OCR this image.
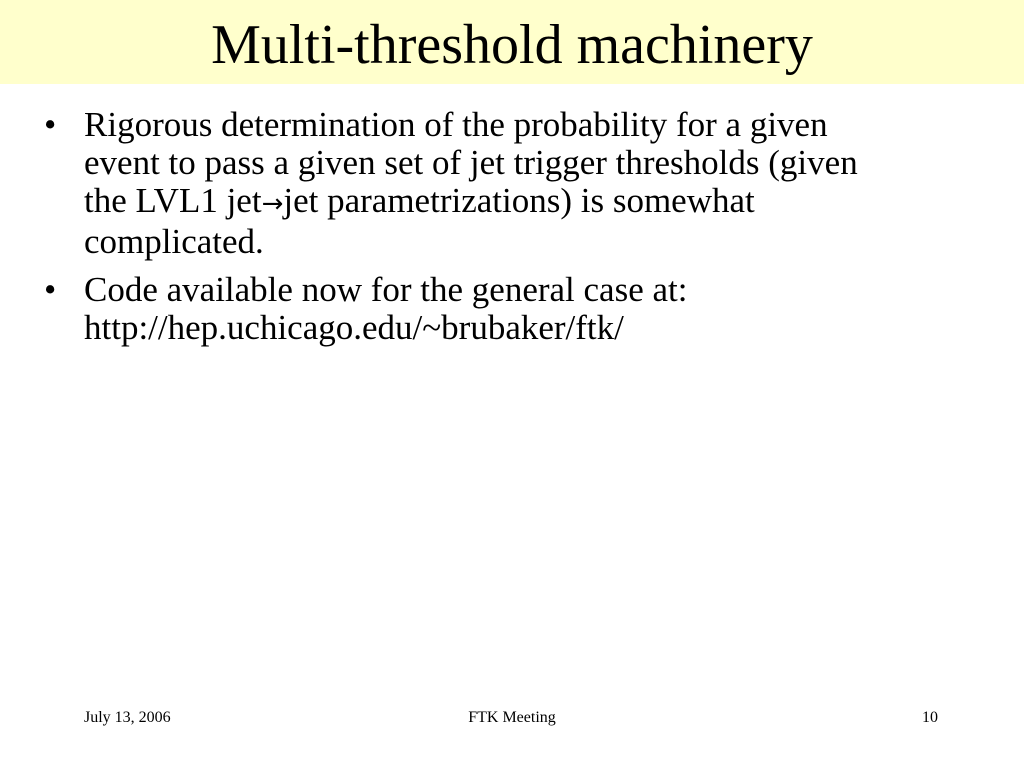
Multi-threshold machinery
• Rigorous determination of the probability for a given
event to pass a given set of jet trigger thresholds (given
the LVL1 jet→jet parametrizations) is somewhat
complicated.
• Code available now for the general case at:
http://hep.uchicago.edu/~brubaker/ftk/
July 13, 2006	FTK Meeting	10
